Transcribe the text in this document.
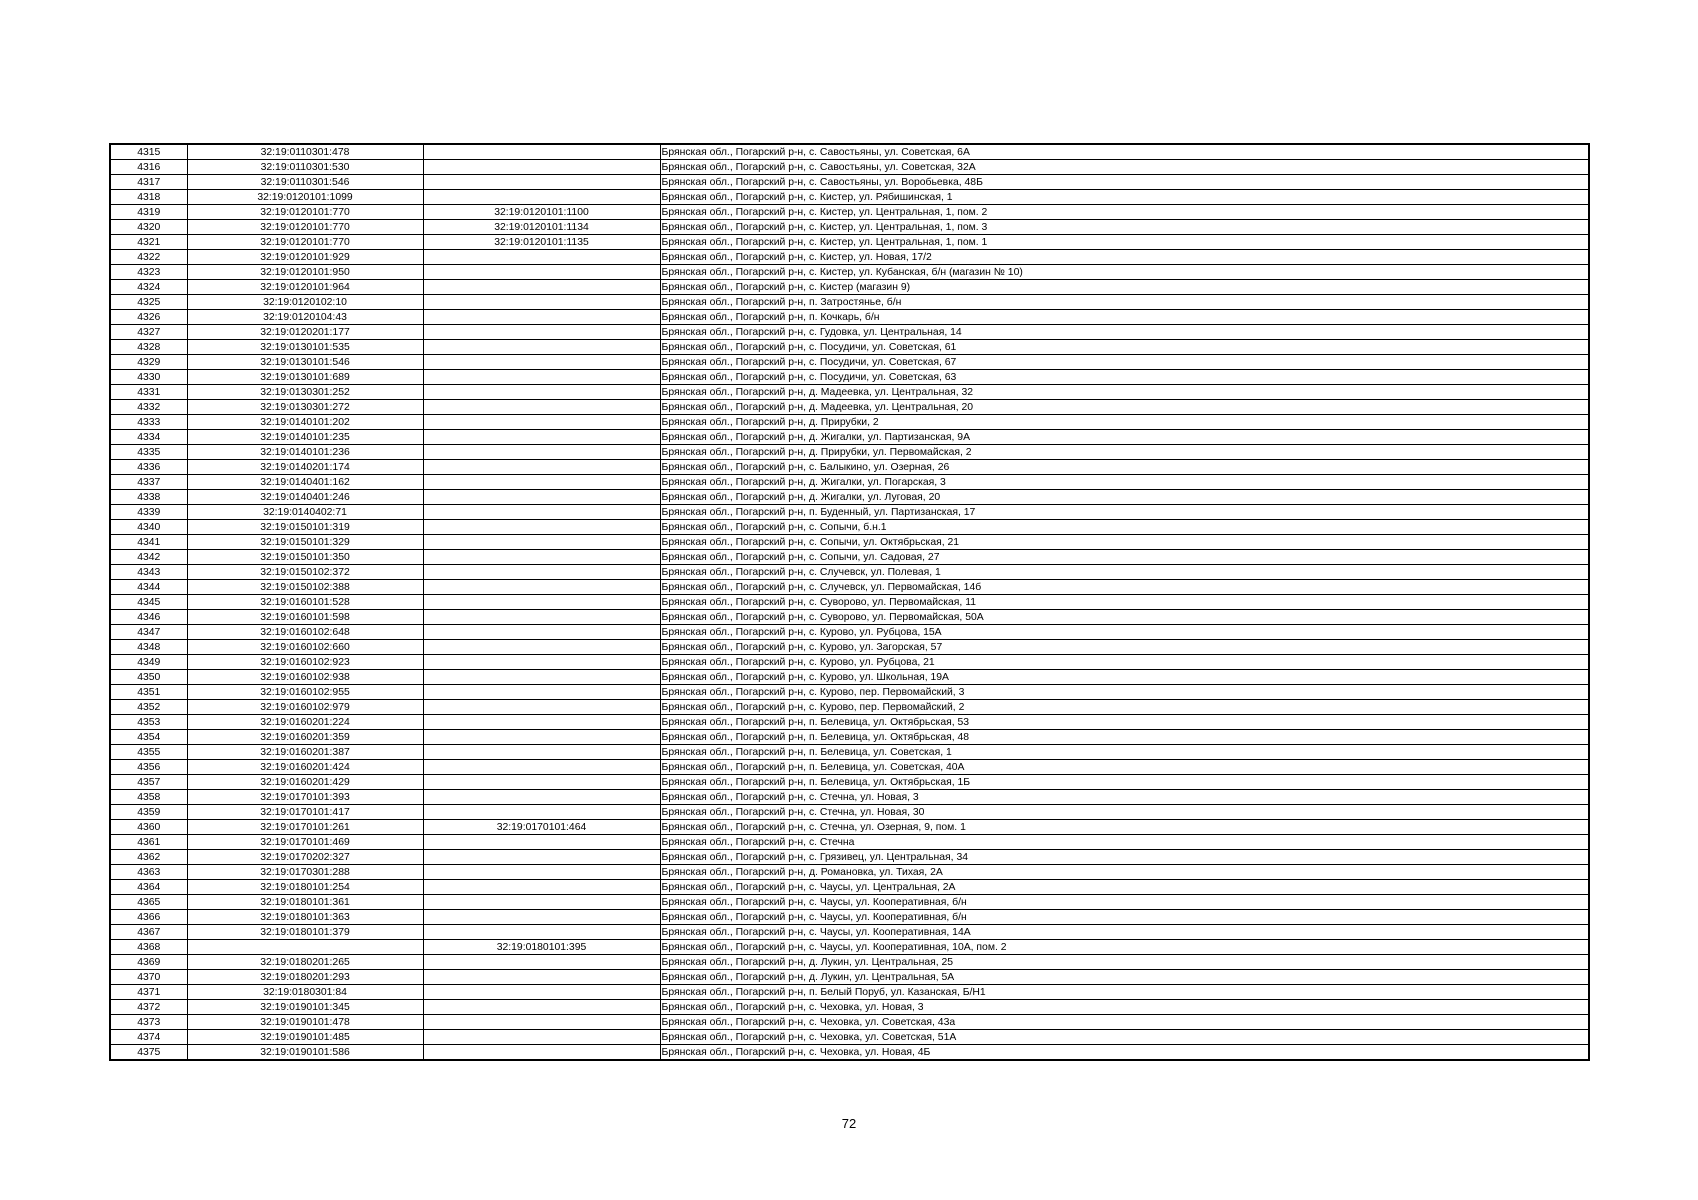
4315	32:19:0110301:478		Брянская обл., Погарский р-н, с. Савостьяны, ул. Советская, 6А
4316	32:19:0110301:530		Брянская обл., Погарский р-н, с. Савостьяны, ул. Советская, 32А
4317	32:19:0110301:546		Брянская обл., Погарский р-н, с. Савостьяны, ул. Воробьевка, 48Б
4318	32:19:0120101:1099		Брянская обл., Погарский р-н, с. Кистер, ул. Рябишинская, 1
4319	32:19:0120101:770	32:19:0120101:1100	Брянская обл., Погарский р-н, с. Кистер, ул. Центральная, 1, пом. 2
4320	32:19:0120101:770	32:19:0120101:1134	Брянская обл., Погарский р-н, с. Кистер, ул. Центральная, 1, пом. 3
4321	32:19:0120101:770	32:19:0120101:1135	Брянская обл., Погарский р-н, с. Кистер, ул. Центральная, 1, пом. 1
4322	32:19:0120101:929		Брянская обл., Погарский р-н, с. Кистер, ул. Новая, 17/2
4323	32:19:0120101:950		Брянская обл., Погарский р-н, с. Кистер, ул. Кубанская, б/н (магазин № 10)
4324	32:19:0120101:964		Брянская обл., Погарский р-н, с. Кистер (магазин 9)
4325	32:19:0120102:10		Брянская обл., Погарский р-н, п. Затростянье, б/н
4326	32:19:0120104:43		Брянская обл., Погарский р-н, п. Кочкарь, б/н
4327	32:19:0120201:177		Брянская обл., Погарский р-н, с. Гудовка, ул. Центральная, 14
4328	32:19:0130101:535		Брянская обл., Погарский р-н, с. Посудичи, ул. Советская, 61
4329	32:19:0130101:546		Брянская обл., Погарский р-н, с. Посудичи, ул. Советская, 67
4330	32:19:0130101:689		Брянская обл., Погарский р-н, с. Посудичи, ул. Советская, 63
4331	32:19:0130301:252		Брянская обл., Погарский р-н, д. Мадеевка, ул. Центральная, 32
4332	32:19:0130301:272		Брянская обл., Погарский р-н, д. Мадеевка, ул. Центральная, 20
4333	32:19:0140101:202		Брянская обл., Погарский р-н, д. Прирубки, 2
4334	32:19:0140101:235		Брянская обл., Погарский р-н, д. Жигалки, ул. Партизанская, 9А
4335	32:19:0140101:236		Брянская обл., Погарский р-н, д. Прирубки, ул. Первомайская, 2
4336	32:19:0140201:174		Брянская обл., Погарский р-н, с. Балыкино, ул. Озерная, 26
4337	32:19:0140401:162		Брянская обл., Погарский р-н, д. Жигалки, ул. Погарская, 3
4338	32:19:0140401:246		Брянская обл., Погарский р-н, д. Жигалки, ул. Луговая, 20
4339	32:19:0140402:71		Брянская обл., Погарский р-н, п. Буденный, ул. Партизанская, 17
4340	32:19:0150101:319		Брянская обл., Погарский р-н, с. Сопычи, б.н.1
4341	32:19:0150101:329		Брянская обл., Погарский р-н, с. Сопычи, ул. Октябрьская, 21
4342	32:19:0150101:350		Брянская обл., Погарский р-н, с. Сопычи, ул. Садовая, 27
4343	32:19:0150102:372		Брянская обл., Погарский р-н, с. Случевск, ул. Полевая, 1
4344	32:19:0150102:388		Брянская обл., Погарский р-н, с. Случевск, ул. Первомайская, 14б
4345	32:19:0160101:528		Брянская обл., Погарский р-н, с. Суворово, ул. Первомайская, 11
4346	32:19:0160101:598		Брянская обл., Погарский р-н, с. Суворово, ул. Первомайская, 50А
4347	32:19:0160102:648		Брянская обл., Погарский р-н, с. Курово, ул. Рубцова, 15А
4348	32:19:0160102:660		Брянская обл., Погарский р-н, с. Курово, ул. Загорская, 57
4349	32:19:0160102:923		Брянская обл., Погарский р-н, с. Курово, ул. Рубцова, 21
4350	32:19:0160102:938		Брянская обл., Погарский р-н, с. Курово, ул. Школьная, 19А
4351	32:19:0160102:955		Брянская обл., Погарский р-н, с. Курово, пер. Первомайский, 3
4352	32:19:0160102:979		Брянская обл., Погарский р-н, с. Курово, пер. Первомайский, 2
4353	32:19:0160201:224		Брянская обл., Погарский р-н, п. Белевица, ул. Октябрьская, 53
4354	32:19:0160201:359		Брянская обл., Погарский р-н, п. Белевица, ул. Октябрьская, 48
4355	32:19:0160201:387		Брянская обл., Погарский р-н, п. Белевица, ул. Советская, 1
4356	32:19:0160201:424		Брянская обл., Погарский р-н, п. Белевица, ул. Советская, 40А
4357	32:19:0160201:429		Брянская обл., Погарский р-н, п. Белевица, ул. Октябрьская, 1Б
4358	32:19:0170101:393		Брянская обл., Погарский р-н, с. Стечна, ул. Новая, 3
4359	32:19:0170101:417		Брянская обл., Погарский р-н, с. Стечна, ул. Новая, 30
4360	32:19:0170101:261	32:19:0170101:464	Брянская обл., Погарский р-н, с. Стечна, ул. Озерная, 9, пом. 1
4361	32:19:0170101:469		Брянская обл., Погарский р-н, с. Стечна
4362	32:19:0170202:327		Брянская обл., Погарский р-н, с. Грязивец, ул. Центральная, 34
4363	32:19:0170301:288		Брянская обл., Погарский р-н, д. Романовка, ул. Тихая, 2А
4364	32:19:0180101:254		Брянская обл., Погарский р-н, с. Чаусы, ул. Центральная, 2А
4365	32:19:0180101:361		Брянская обл., Погарский р-н, с. Чаусы, ул. Кооперативная, б/н
4366	32:19:0180101:363		Брянская обл., Погарский р-н, с. Чаусы, ул. Кооперативная, б/н
4367	32:19:0180101:379		Брянская обл., Погарский р-н, с. Чаусы, ул. Кооперативная, 14А
4368		32:19:0180101:395	Брянская обл., Погарский р-н, с. Чаусы, ул. Кооперативная, 10А, пом. 2
4369	32:19:0180201:265		Брянская обл., Погарский р-н, д. Лукин, ул. Центральная, 25
4370	32:19:0180201:293		Брянская обл., Погарский р-н, д. Лукин, ул. Центральная, 5А
4371	32:19:0180301:84		Брянская обл., Погарский р-н, п. Белый Поруб, ул. Казанская, Б/Н1
4372	32:19:0190101:345		Брянская обл., Погарский р-н, с. Чеховка, ул. Новая, 3
4373	32:19:0190101:478		Брянская обл., Погарский р-н, с. Чеховка, ул. Советская, 43а
4374	32:19:0190101:485		Брянская обл., Погарский р-н, с. Чеховка, ул. Советская, 51А
4375	32:19:0190101:586		Брянская обл., Погарский р-н, с. Чеховка, ул. Новая, 4Б
72
